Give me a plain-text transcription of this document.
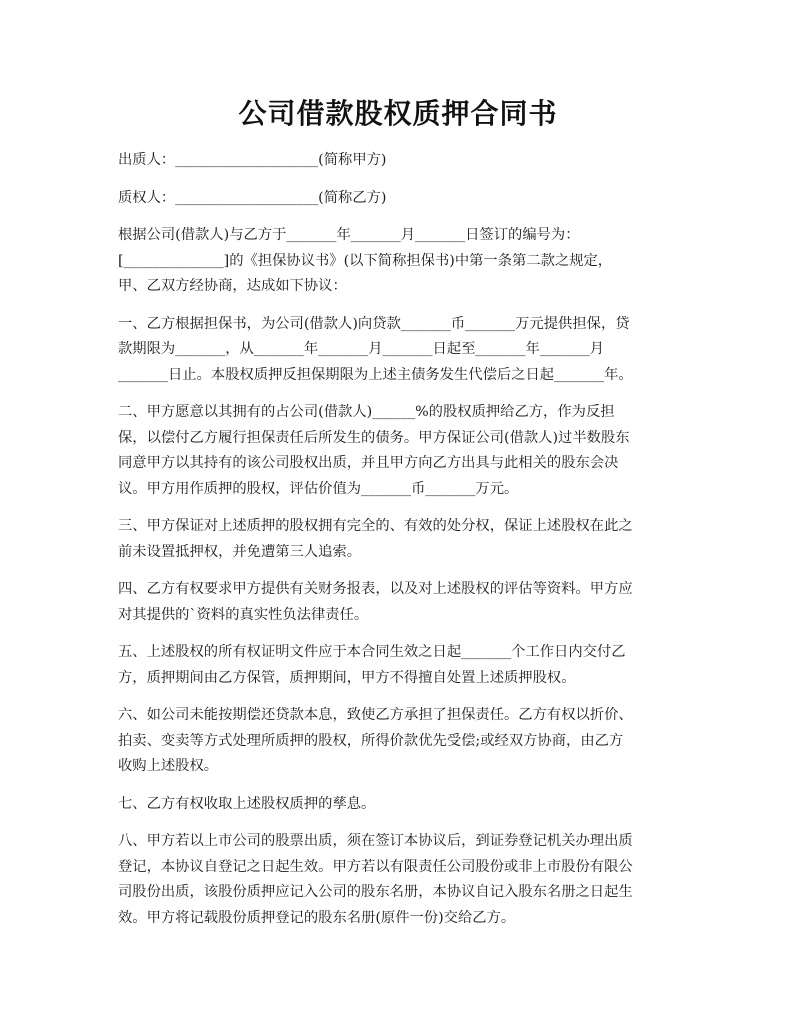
公司借款股权质押合同书

出质人：____________________(简称甲方)

质权人：____________________(简称乙方)

根据公司(借款人)与乙方于_______年_______月_______日签订的编号为：
[______________]的《担保协议书》(以下简称担保书)中第一条第二款之规定，
甲、乙双方经协商，达成如下协议：

一、乙方根据担保书，为公司(借款人)向贷款_______币_______万元提供担保，贷
款期限为_______，从_______年_______月_______日起至_______年_______月
_______日止。本股权质押反担保期限为上述主债务发生代偿后之日起_______年。

二、甲方愿意以其拥有的占公司(借款人)______%的股权质押给乙方，作为反担
保，以偿付乙方履行担保责任后所发生的债务。甲方保证公司(借款人)过半数股东
同意甲方以其持有的该公司股权出质，并且甲方向乙方出具与此相关的股东会决
议。甲方用作质押的股权，评估价值为_______币_______万元。

三、甲方保证对上述质押的股权拥有完全的、有效的处分权，保证上述股权在此之
前未设置抵押权，并免遭第三人追索。

四、乙方有权要求甲方提供有关财务报表，以及对上述股权的评估等资料。甲方应
对其提供的`资料的真实性负法律责任。

五、上述股权的所有权证明文件应于本合同生效之日起_______个工作日内交付乙
方，质押期间由乙方保管，质押期间，甲方不得擅自处置上述质押股权。

六、如公司未能按期偿还贷款本息，致使乙方承担了担保责任。乙方有权以折价、
拍卖、变卖等方式处理所质押的股权，所得价款优先受偿;或经双方协商，由乙方
收购上述股权。

七、乙方有权收取上述股权质押的孳息。

八、甲方若以上市公司的股票出质，须在签订本协议后，到证券登记机关办理出质
登记，本协议自登记之日起生效。甲方若以有限责任公司股份或非上市股份有限公
司股份出质，该股份质押应记入公司的股东名册，本协议自记入股东名册之日起生
效。甲方将记载股份质押登记的股东名册(原件一份)交给乙方。
